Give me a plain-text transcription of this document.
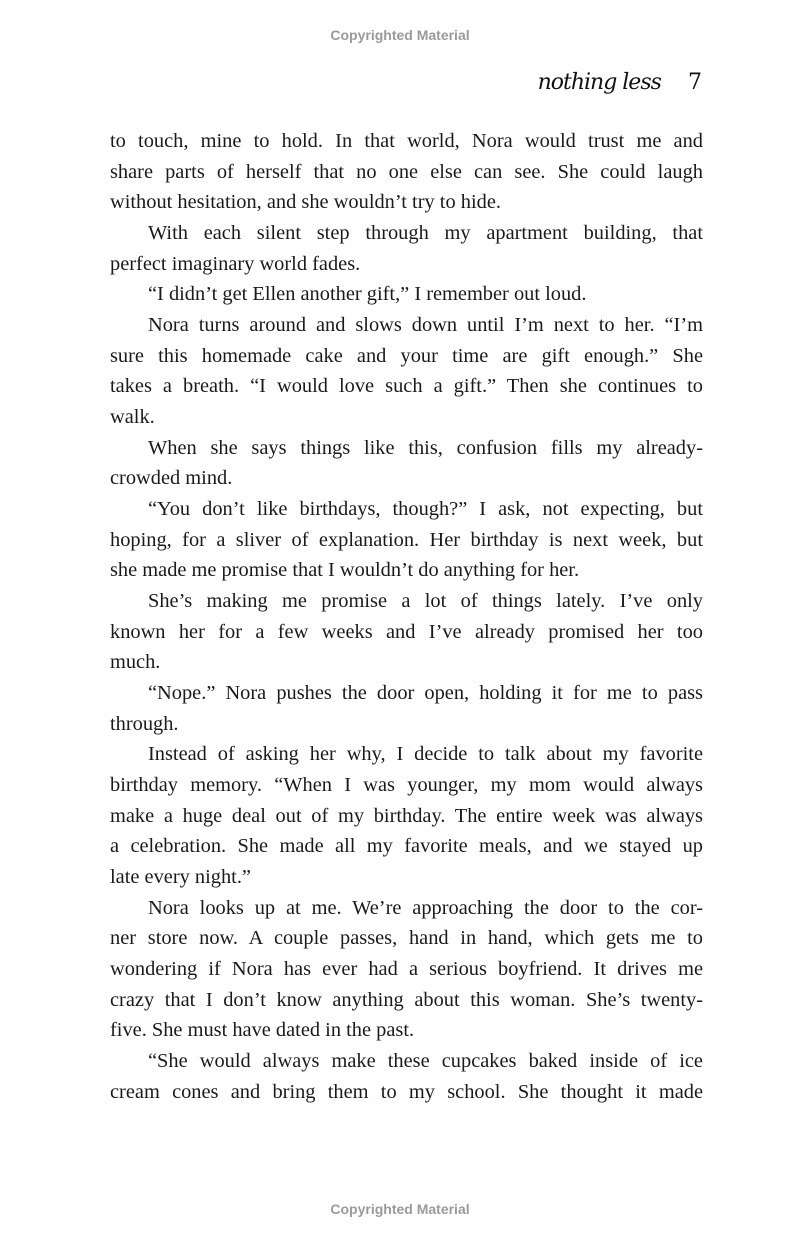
Copyrighted Material
nothing less 7
to touch, mine to hold. In that world, Nora would trust me and
share parts of herself that no one else can see. She could laugh
without hesitation, and she wouldn’t try to hide.
With each silent step through my apartment building, that
perfect imaginary world fades.
“I didn’t get Ellen another gift,” I remember out loud.
Nora turns around and slows down until I’m next to her. “I’m
sure this homemade cake and your time are gift enough.” She
takes a breath. “I would love such a gift.” Then she continues to
walk.
When she says things like this, confusion fills my already-
crowded mind.
“You don’t like birthdays, though?” I ask, not expecting, but
hoping, for a sliver of explanation. Her birthday is next week, but
she made me promise that I wouldn’t do anything for her.
She’s making me promise a lot of things lately. I’ve only
known her for a few weeks and I’ve already promised her too
much.
“Nope.” Nora pushes the door open, holding it for me to pass
through.
Instead of asking her why, I decide to talk about my favorite
birthday memory. “When I was younger, my mom would always
make a huge deal out of my birthday. The entire week was always
a celebration. She made all my favorite meals, and we stayed up
late every night.”
Nora looks up at me. We’re approaching the door to the cor-
ner store now. A couple passes, hand in hand, which gets me to
wondering if Nora has ever had a serious boyfriend. It drives me
crazy that I don’t know anything about this woman. She’s twenty-
five. She must have dated in the past.
“She would always make these cupcakes baked inside of ice
cream cones and bring them to my school. She thought it made
Copyrighted Material
